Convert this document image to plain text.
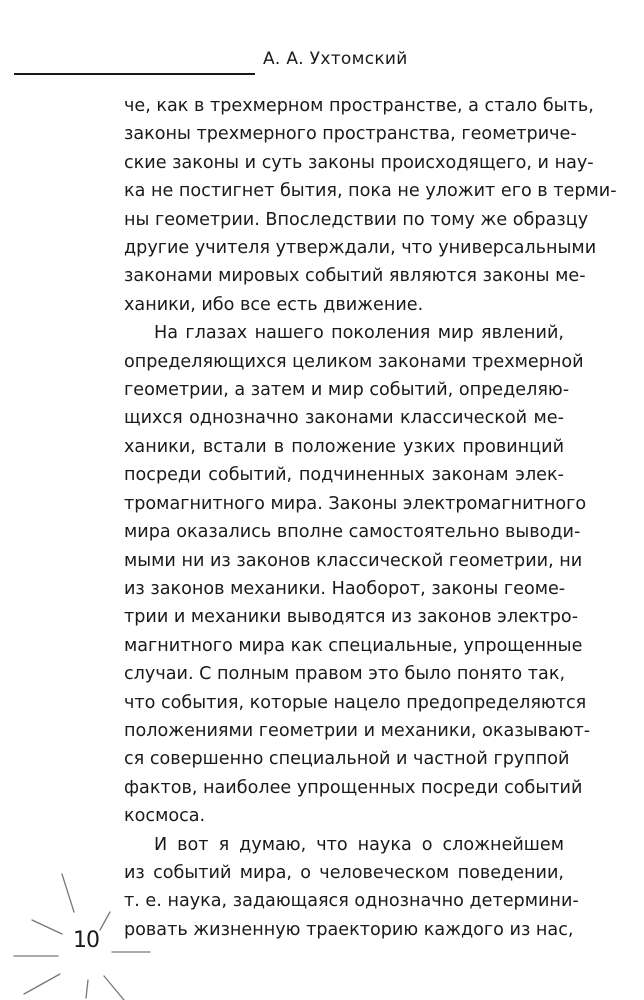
А. А. Ухтомский
че, как в трехмерном пространстве, а стало быть,
законы трехмерного пространства, геометриче-
ские законы и суть законы происходящего, и нау-
ка не постигнет бытия, пока не уложит его в терми-
ны геометрии. Впоследствии по тому же образцу
другие учителя утверждали, что универсальными
законами мировых событий являются законы ме-
ханики, ибо все есть движение.
На глазах нашего поколения мир явлений,
определяющихся целиком законами трехмерной
геометрии, а затем и мир событий, определяю-
щихся однозначно законами классической ме-
ханики, встали в положение узких провинций
посреди событий, подчиненных законам элек-
тромагнитного мира. Законы электромагнитного
мира оказались вполне самостоятельно выводи-
мыми ни из законов классической геометрии, ни
из законов механики. Наоборот, законы геоме-
трии и механики выводятся из законов электро-
магнитного мира как специальные, упрощенные
случаи. С полным правом это было понято так,
что события, которые нацело предопределяются
положениями геометрии и механики, оказывают-
ся совершенно специальной и частной группой
фактов, наиболее упрощенных посреди событий
космоса.
И вот я думаю, что наука о сложнейшем
из событий мира, о человеческом поведении,
т. е. наука, задающаяся однозначно детермини-
ровать жизненную траекторию каждого из нас,
10
